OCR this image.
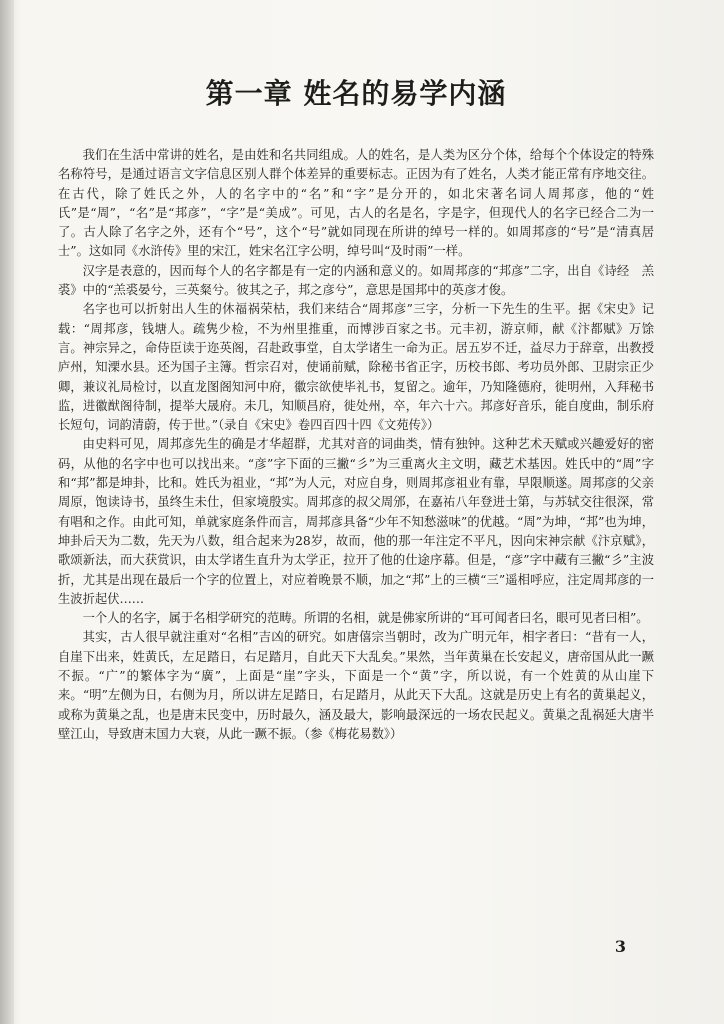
第一章 姓名的易学内涵

我们在生活中常讲的姓名，是由姓和名共同组成。人的姓名，是人类为区分个体，给每个个体设定的特殊名称符号，是通过语言文字信息区别人群个体差异的重要标志。正因为有了姓名，人类才能正常有序地交往。在古代，除了姓氏之外，人的名字中的“名”和“字”是分开的，如北宋著名词人周邦彦，他的“姓氏”是“周”，“名”是“邦彦”，“字”是“美成”。可见，古人的名是名，字是字，但现代人的名字已经合二为一了。古人除了名字之外，还有个“号”，这个“号”就如同现在所讲的绰号一样的。如周邦彦的“号”是“清真居士”。这如同《水浒传》里的宋江，姓宋名江字公明，绰号叫“及时雨”一样。

汉字是表意的，因而每个人的名字都是有一定的内涵和意义的。如周邦彦的“邦彦”二字，出自《诗经　羔裘》中的“羔裘晏兮，三英粲兮。彼其之子，邦之彦兮”，意思是国邦中的英彦才俊。

名字也可以折射出人生的休福祸荣枯，我们来结合“周邦彦”三字，分析一下先生的生平。据《宋史》记载：“周邦彦，钱塘人。疏隽少检，不为州里推重，而博涉百家之书。元丰初，游京师，献《汴都赋》万馀言。神宗异之，命侍臣读于迩英阁，召赴政事堂，自太学诸生一命为正。居五岁不迁，益尽力于辞章，出教授庐州，知溧水县。还为国子主簿。哲宗召对，使诵前赋，除秘书省正字，历校书郎、考功员外郎、卫尉宗正少卿，兼议礼局检讨，以直龙图阁知河中府，徽宗欲使毕礼书，复留之。逾年，乃知隆德府，徙明州，入拜秘书监，进徽猷阁待制，提举大晟府。未几，知顺昌府，徙处州，卒，年六十六。邦彦好音乐，能自度曲，制乐府长短句，词韵清蔚，传于世。”（录自《宋史》卷四百四十四《文苑传》）

由史料可见，周邦彦先生的确是才华超群，尤其对音的词曲类，情有独钟。这种艺术天赋或兴趣爱好的密码，从他的名字中也可以找出来。“彦”字下面的三撇“彡”为三重离火主文明，藏艺术基因。姓氏中的“周”字和“邦”都是坤卦，比和。姓氏为祖业，“邦”为人元，对应自身，则周邦彦祖业有靠，早限顺遂。周邦彦的父亲周原，饱读诗书，虽终生未仕，但家境殷实。周邦彦的叔父周邠，在嘉祐八年登进士第，与苏轼交往很深，常有唱和之作。由此可知，单就家庭条件而言，周邦彦具备“少年不知愁滋味”的优越。“周”为坤，“邦”也为坤，坤卦后天为二数，先天为八数，组合起来为28岁，故而，他的那一年注定不平凡，因向宋神宗献《汴京赋》，歌颂新法，而大获赏识，由太学诸生直升为太学正，拉开了他的仕途序幕。但是，“彦”字中藏有三撇“彡”主波折，尤其是出现在最后一个字的位置上，对应着晚景不顺，加之“邦”上的三横“三”遥相呼应，注定周邦彦的一生波折起伏……

一个人的名字，属于名相学研究的范畴。所谓的名相，就是佛家所讲的“耳可闻者曰名，眼可见者曰相”。

其实，古人很早就注重对“名相”吉凶的研究。如唐僖宗当朝时，改为广明元年，相字者曰：“昔有一人，自崖下出来，姓黄氏，左足踏日，右足踏月，自此天下大乱矣。”果然，当年黄巢在长安起义，唐帝国从此一蹶不振。“广”的繁体字为“廣”，上面是“崖”字头，下面是一个“黄”字，所以说，有一个姓黄的从山崖下来。“明”左侧为日，右侧为月，所以讲左足踏日，右足踏月，从此天下大乱。这就是历史上有名的黄巢起义，或称为黄巢之乱，也是唐末民变中，历时最久，涵及最大，影响最深远的一场农民起义。黄巢之乱祸延大唐半壁江山，导致唐末国力大衰，从此一蹶不振。（参《梅花易数》）

3
